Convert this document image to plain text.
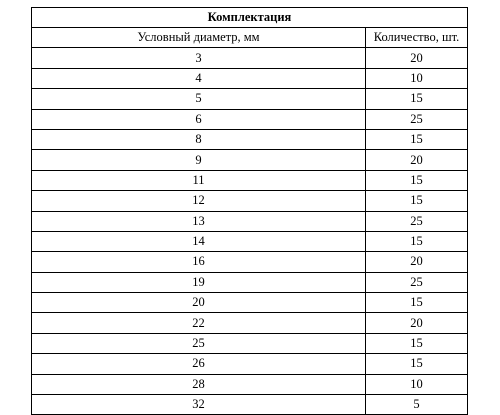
Комплектация	
Условный диаметр, мм	Количество, шт.
3	20
4	10
5	15
6	25
8	15
9	20
11	15
12	15
13	25
14	15
16	20
19	25
20	15
22	20
25	15
26	15
28	10
32	5
